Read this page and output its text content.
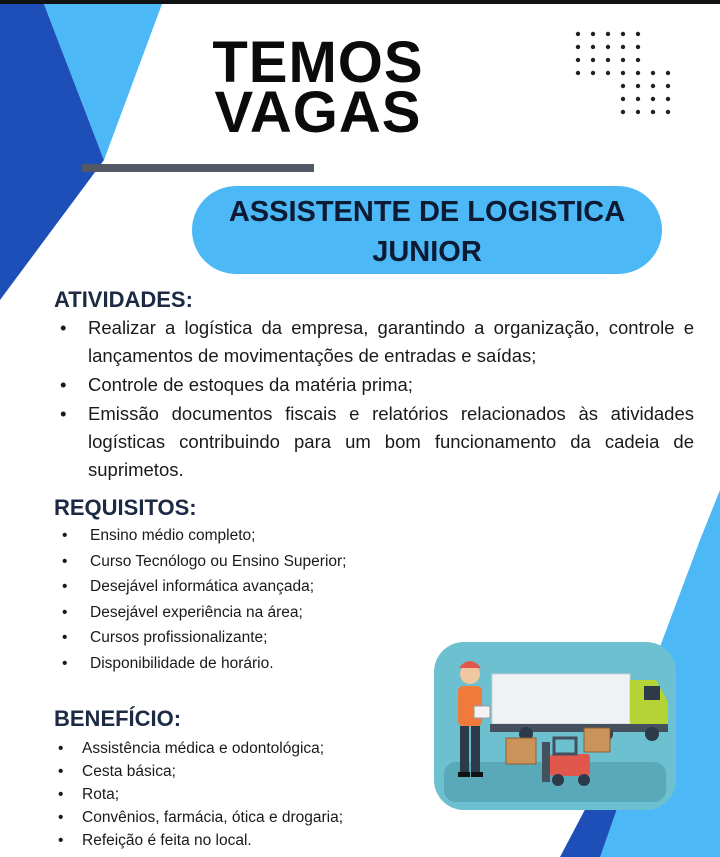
TEMOS
VAGAS
ASSISTENTE DE LOGISTICA
JUNIOR
ATIVIDADES:
• Realizar a logística da empresa, garantindo a organização, controle e lançamentos de movimentações de entradas e saídas;
• Controle de estoques da matéria prima;
• Emissão documentos fiscais e relatórios relacionados às atividades logísticas contribuindo para um bom funcionamento da cadeia de suprimetos.
REQUISITOS:
• Ensino médio completo;
• Curso Tecnólogo ou Ensino Superior;
• Desejável informática avançada;
• Desejável experiência na área;
• Cursos profissionalizante;
• Disponibilidade de horário.
BENEFÍCIO:
• Assistência médica e odontológica;
• Cesta básica;
• Rota;
• Convênios, farmácia, ótica e drogaria;
• Refeição é feita no local.
